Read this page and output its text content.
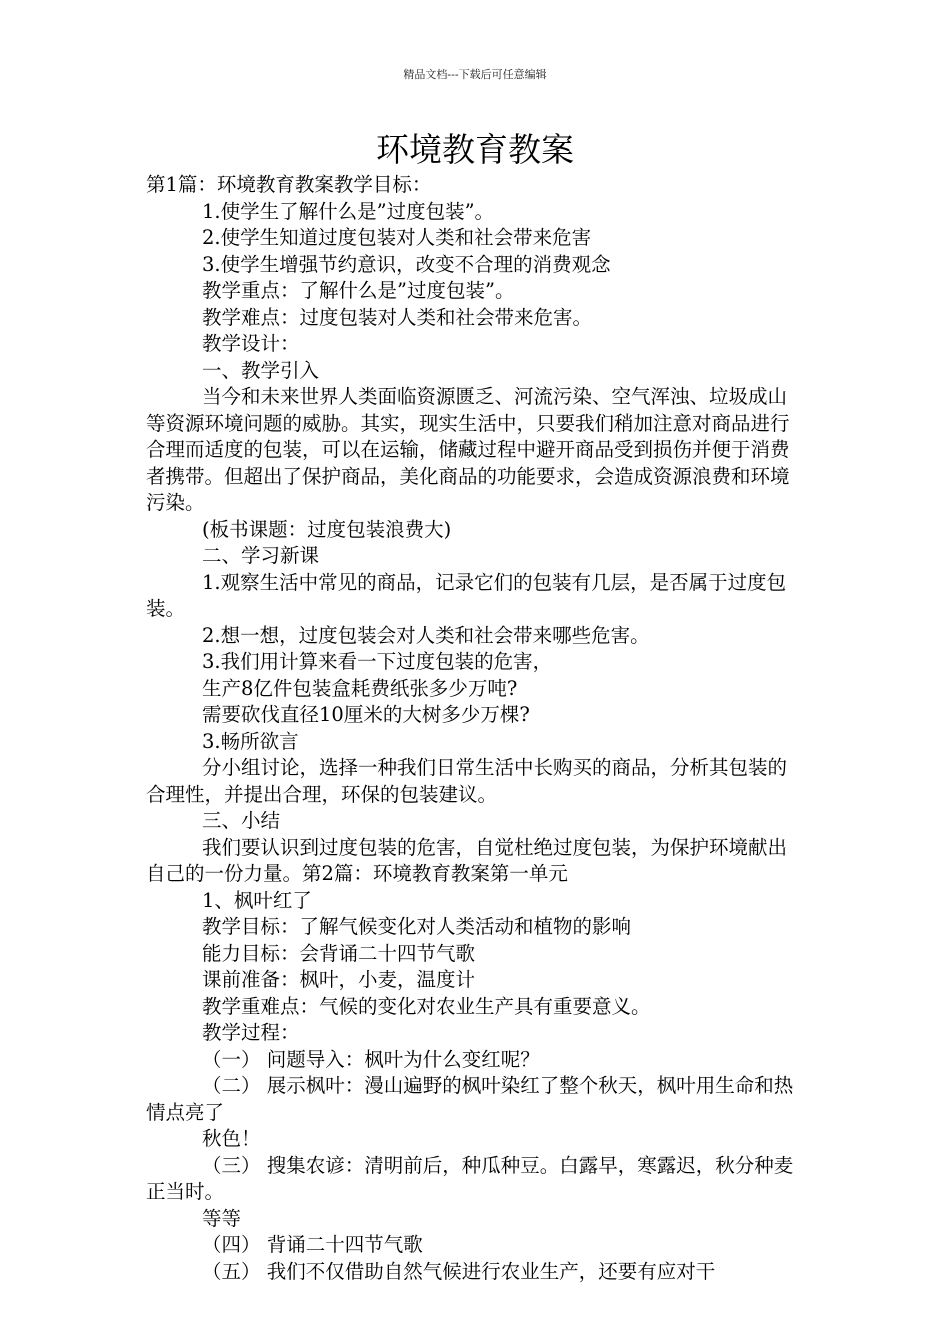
精品文档---下载后可任意编辑
环境教育教案

第1篇：环境教育教案教学目标：

1.使学生了解什么是”过度包装”。

2.使学生知道过度包装对人类和社会带来危害

3.使学生增强节约意识，改变不合理的消费观念

教学重点：了解什么是”过度包装”。

教学难点：过度包装对人类和社会带来危害。

教学设计：

一、教学引入

当今和未来世界人类面临资源匮乏、河流污染、空气浑浊、垃圾成山等资源环境问题的威胁。其实，现实生活中，只要我们稍加注意对商品进行合理而适度的包装，可以在运输，储藏过程中避开商品受到损伤并便于消费者携带。但超出了保护商品，美化商品的功能要求，会造成资源浪费和环境污染。

(板书课题：过度包装浪费大)

二、学习新课

1.观察生活中常见的商品，记录它们的包装有几层，是否属于过度包装。

2.想一想，过度包装会对人类和社会带来哪些危害。

3.我们用计算来看一下过度包装的危害，

生产8亿件包装盒耗费纸张多少万吨?

需要砍伐直径10厘米的大树多少万棵?

3.畅所欲言

分小组讨论，选择一种我们日常生活中长购买的商品，分析其包装的合理性，并提出合理，环保的包装建议。

三、小结

我们要认识到过度包装的危害，自觉杜绝过度包装，为保护环境献出自己的一份力量。第2篇：环境教育教案第一单元

1、枫叶红了

教学目标：了解气候变化对人类活动和植物的影响

能力目标：会背诵二十四节气歌

课前准备：枫叶，小麦，温度计

教学重难点：气候的变化对农业生产具有重要意义。

教学过程：

（一） 问题导入：枫叶为什么变红呢？

（二） 展示枫叶：漫山遍野的枫叶染红了整个秋天，枫叶用生命和热情点亮了

秋色！

（三） 搜集农谚：清明前后，种瓜种豆。白露早，寒露迟，秋分种麦正当时。

等等

（四） 背诵二十四节气歌

（五） 我们不仅借助自然气候进行农业生产，还要有应对干
